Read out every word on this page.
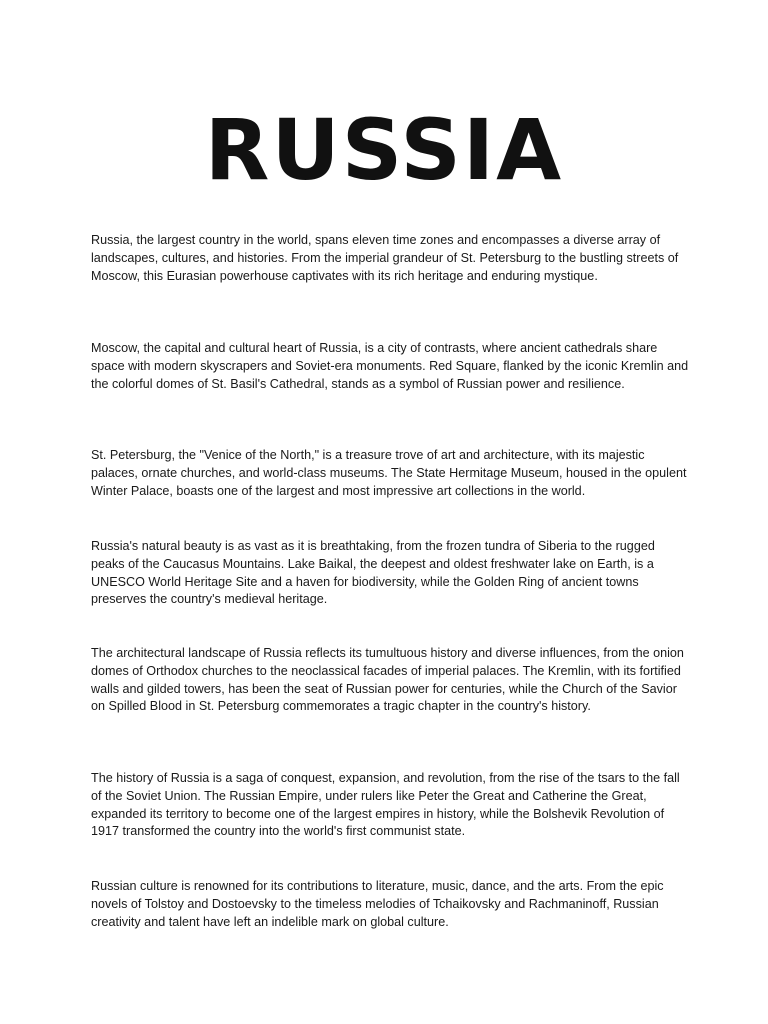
RUSSIA

Russia, the largest country in the world, spans eleven time zones and encompasses a diverse array of landscapes, cultures, and histories. From the imperial grandeur of St. Petersburg to the bustling streets of Moscow, this Eurasian powerhouse captivates with its rich heritage and enduring mystique.

Moscow, the capital and cultural heart of Russia, is a city of contrasts, where ancient cathedrals share space with modern skyscrapers and Soviet-era monuments. Red Square, flanked by the iconic Kremlin and the colorful domes of St. Basil's Cathedral, stands as a symbol of Russian power and resilience.

St. Petersburg, the "Venice of the North," is a treasure trove of art and architecture, with its majestic palaces, ornate churches, and world-class museums. The State Hermitage Museum, housed in the opulent Winter Palace, boasts one of the largest and most impressive art collections in the world.

Russia's natural beauty is as vast as it is breathtaking, from the frozen tundra of Siberia to the rugged peaks of the Caucasus Mountains. Lake Baikal, the deepest and oldest freshwater lake on Earth, is a UNESCO World Heritage Site and a haven for biodiversity, while the Golden Ring of ancient towns preserves the country's medieval heritage.

The architectural landscape of Russia reflects its tumultuous history and diverse influences, from the onion domes of Orthodox churches to the neoclassical facades of imperial palaces. The Kremlin, with its fortified walls and gilded towers, has been the seat of Russian power for centuries, while the Church of the Savior on Spilled Blood in St. Petersburg commemorates a tragic chapter in the country's history.

The history of Russia is a saga of conquest, expansion, and revolution, from the rise of the tsars to the fall of the Soviet Union. The Russian Empire, under rulers like Peter the Great and Catherine the Great, expanded its territory to become one of the largest empires in history, while the Bolshevik Revolution of 1917 transformed the country into the world's first communist state.

Russian culture is renowned for its contributions to literature, music, dance, and the arts. From the epic novels of Tolstoy and Dostoevsky to the timeless melodies of Tchaikovsky and Rachmaninoff, Russian creativity and talent have left an indelible mark on global culture.
